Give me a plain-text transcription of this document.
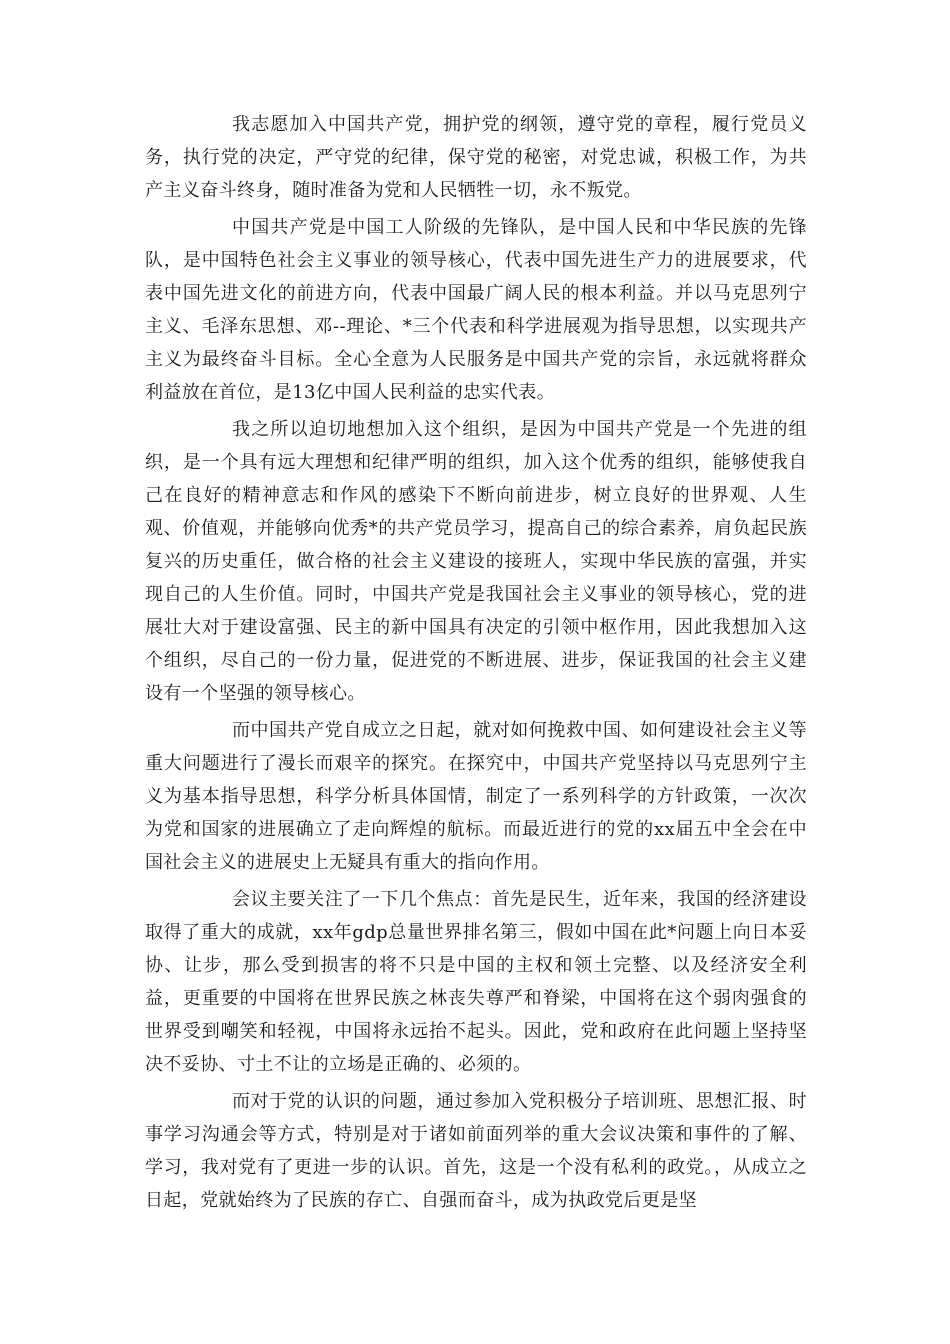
我志愿加入中国共产党，拥护党的纲领，遵守党的章程，履行党员义务，执行党的决定，严守党的纪律，保守党的秘密，对党忠诚，积极工作，为共产主义奋斗终身，随时准备为党和人民牺牲一切，永不叛党。

中国共产党是中国工人阶级的先锋队，是中国人民和中华民族的先锋队，是中国特色社会主义事业的领导核心，代表中国先进生产力的进展要求，代表中国先进文化的前进方向，代表中国最广阔人民的根本利益。并以马克思列宁主义、毛泽东思想、邓--理论、*三个代表和科学进展观为指导思想，以实现共产主义为最终奋斗目标。全心全意为人民服务是中国共产党的宗旨，永远就将群众利益放在首位，是13亿中国人民利益的忠实代表。

我之所以迫切地想加入这个组织，是因为中国共产党是一个先进的组织，是一个具有远大理想和纪律严明的组织，加入这个优秀的组织，能够使我自己在良好的精神意志和作风的感染下不断向前进步，树立良好的世界观、人生观、价值观，并能够向优秀*的共产党员学习，提高自己的综合素养，肩负起民族复兴的历史重任，做合格的社会主义建设的接班人，实现中华民族的富强，并实现自己的人生价值。同时，中国共产党是我国社会主义事业的领导核心，党的进展壮大对于建设富强、民主的新中国具有决定的引领中枢作用，因此我想加入这个组织，尽自己的一份力量，促进党的不断进展、进步，保证我国的社会主义建设有一个坚强的领导核心。

而中国共产党自成立之日起，就对如何挽救中国、如何建设社会主义等重大问题进行了漫长而艰辛的探究。在探究中，中国共产党坚持以马克思列宁主义为基本指导思想，科学分析具体国情，制定了一系列科学的方针政策，一次次为党和国家的进展确立了走向辉煌的航标。而最近进行的党的xx届五中全会在中国社会主义的进展史上无疑具有重大的指向作用。

会议主要关注了一下几个焦点：首先是民生，近年来，我国的经济建设取得了重大的成就，xx年gdp总量世界排名第三，假如中国在此*问题上向日本妥协、让步，那么受到损害的将不只是中国的主权和领土完整、以及经济安全利益，更重要的中国将在世界民族之林丧失尊严和脊梁，中国将在这个弱肉强食的世界受到嘲笑和轻视，中国将永远抬不起头。因此，党和政府在此问题上坚持坚决不妥协、寸土不让的立场是正确的、必须的。

而对于党的认识的问题，通过参加入党积极分子培训班、思想汇报、时事学习沟通会等方式，特别是对于诸如前面列举的重大会议决策和事件的了解、学习，我对党有了更进一步的认识。首先，这是一个没有私利的政党。，从成立之日起，党就始终为了民族的存亡、自强而奋斗，成为执政党后更是坚
